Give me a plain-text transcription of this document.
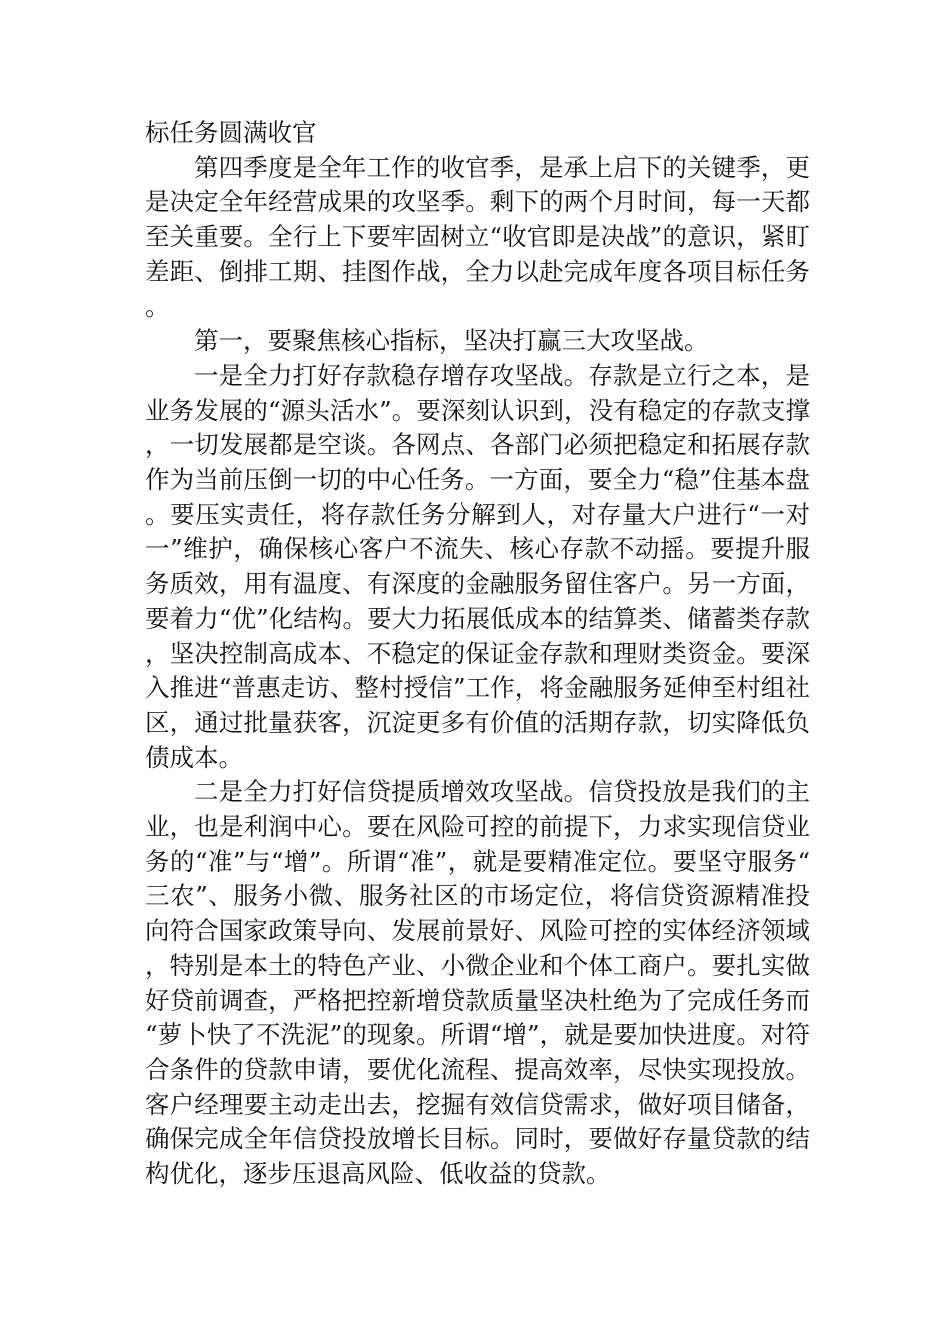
标任务圆满收官

第四季度是全年工作的收官季，是承上启下的关键季，更是决定全年经营成果的攻坚季。剩下的两个月时间，每一天都至关重要。全行上下要牢固树立“收官即是决战”的意识，紧盯差距、倒排工期、挂图作战，全力以赴完成年度各项目标任务。

第一，要聚焦核心指标，坚决打赢三大攻坚战。

一是全力打好存款稳存增存攻坚战。存款是立行之本，是业务发展的“源头活水”。要深刻认识到，没有稳定的存款支撑，一切发展都是空谈。各网点、各部门必须把稳定和拓展存款作为当前压倒一切的中心任务。一方面，要全力“稳”住基本盘。要压实责任，将存款任务分解到人，对存量大户进行“一对一”维护，确保核心客户不流失、核心存款不动摇。要提升服务质效，用有温度、有深度的金融服务留住客户。另一方面，要着力“优”化结构。要大力拓展低成本的结算类、储蓄类存款，坚决控制高成本、不稳定的保证金存款和理财类资金。要深入推进“普惠走访、整村授信”工作，将金融服务延伸至村组社区，通过批量获客，沉淀更多有价值的活期存款，切实降低负债成本。

二是全力打好信贷提质增效攻坚战。信贷投放是我们的主业，也是利润中心。要在风险可控的前提下，力求实现信贷业务的“准”与“增”。所谓“准”，就是要精准定位。要坚守服务“三农”、服务小微、服务社区的市场定位，将信贷资源精准投向符合国家政策导向、发展前景好、风险可控的实体经济领域，特别是本土的特色产业、小微企业和个体工商户。要扎实做好贷前调查，严格把控新增贷款质量坚决杜绝为了完成任务而“萝卜快了不洗泥”的现象。所谓“增”，就是要加快进度。对符合条件的贷款申请，要优化流程、提高效率，尽快实现投放。客户经理要主动走出去，挖掘有效信贷需求，做好项目储备，确保完成全年信贷投放增长目标。同时，要做好存量贷款的结构优化，逐步压退高风险、低收益的贷款。
